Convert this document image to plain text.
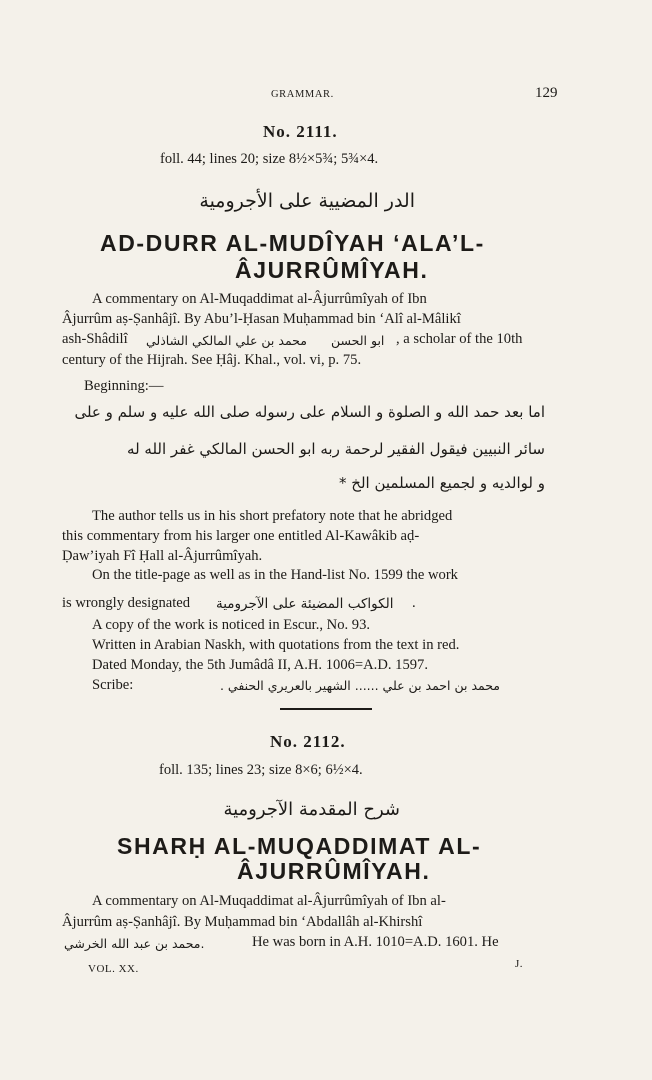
GRAMMAR.	129
No. 2111.
foll. 44; lines 20; size 8½×5¾; 5¾×4.
الدر المضيية على الأجرومية
AD-DURR AL-MUDÎYAH ‘ALA’L-
ÂJURRÛMÎYAH.
A commentary on Al-Muqaddimat al-Âjurrûmîyah of Ibn
Âjurrûm aṣ-Ṣanhâjî. By Abu’l-Ḥasan Muḥammad bin ‘Alî al-Mâlikî
ash-Shâdilî محمد بن علي المالكي الشاذلي ابو الحسن , a scholar of the 10th
century of the Hijrah. See Ḥâj. Khal., vol. vi, p. 75.
Beginning:—
اما بعد حمد الله و الصلوة و السلام على رسوله صلى الله عليه و سلم و على
سائر النبيين فيقول الفقير لرحمة ربه ابو الحسن المالكي غفر الله له
و لوالديه و لجميع المسلمين الخ *
The author tells us in his short prefatory note that he abridged
this commentary from his larger one entitled Al-Kawâkib aḍ-
Ḍaw’iyah Fî Ḥall al-Âjurrûmîyah.
On the title-page as well as in the Hand-list No. 1599 the work
is wrongly designated الكواكب المضيئة على الآجرومية .
A copy of the work is noticed in Escur., No. 93.
Written in Arabian Naskh, with quotations from the text in red.
Dated Monday, the 5th Jumâdâ II, A.H. 1006=A.D. 1597.
Scribe:	محمد بن احمد بن علي ...... الشهير بالعريري الحنفي .
No. 2112.
foll. 135; lines 23; size 8×6; 6½×4.
شرح المقدمة الآجرومية
SHARḤ AL-MUQADDIMAT AL-
ÂJURRÛMÎYAH.
A commentary on Al-Muqaddimat al-Âjurrûmîyah of Ibn al-
Âjurrûm aṣ-Ṣanhâjî. By Muḥammad bin ‘Abdallâh al-Khirshî
محمد بن عبد الله الخرشي.	He was born in A.H. 1010=A.D. 1601. He
VOL. XX.	J.
